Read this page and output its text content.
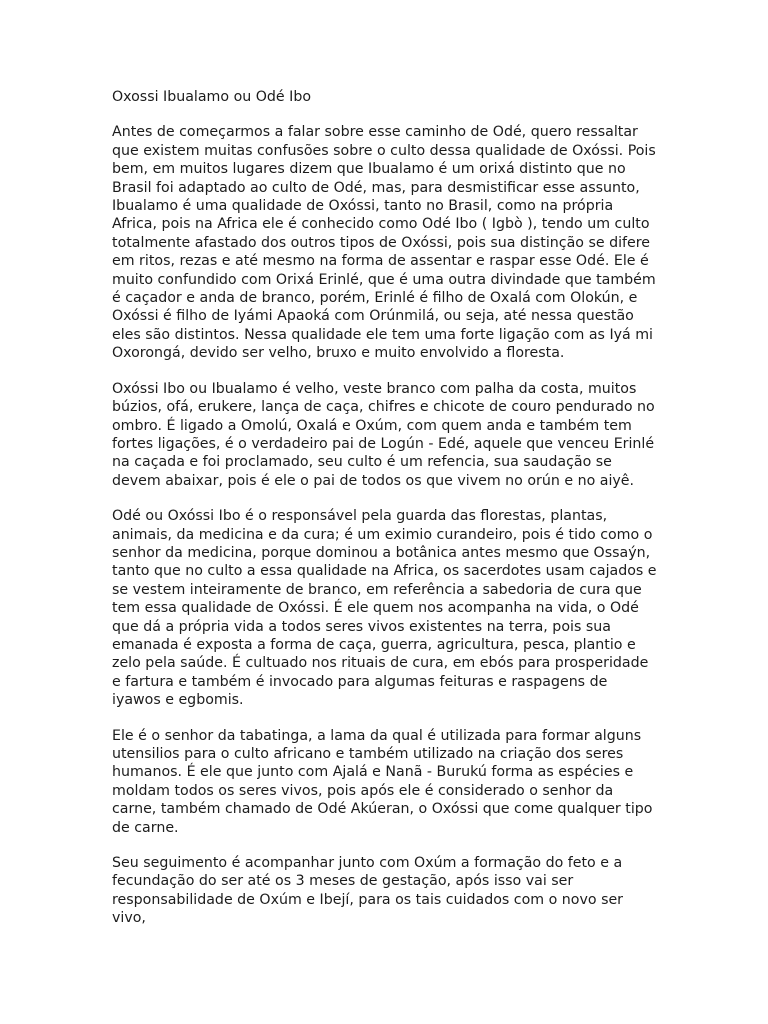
Oxossi Ibualamo ou Odé Ibo

Antes de começarmos a falar sobre esse caminho de Odé, quero ressaltar que existem muitas confusões sobre o culto dessa qualidade de Oxóssi. Pois bem, em muitos lugares dizem que Ibualamo é um orixá distinto que no Brasil foi adaptado ao culto de Odé, mas, para desmistificar esse assunto, Ibualamo é uma qualidade de Oxóssi, tanto no Brasil, como na própria Africa, pois na Africa ele é conhecido como Odé Ibo ( Igbò ), tendo um culto totalmente afastado dos outros tipos de Oxóssi, pois sua distinção se difere em ritos, rezas e até mesmo na forma de assentar e raspar esse Odé. Ele é muito confundido com Orixá Erinlé, que é uma outra divindade que também é caçador e anda de branco, porém, Erinlé é filho de Oxalá com Olokún, e Oxóssi é filho de Iyámi Apaoká com Orúnmilá, ou seja, até nessa questão eles são distintos. Nessa qualidade ele tem uma forte ligação com as Iyá mi Oxorongá, devido ser velho, bruxo e muito envolvido a floresta.

Oxóssi Ibo ou Ibualamo é velho, veste branco com palha da costa, muitos búzios, ofá, erukere, lança de caça, chifres e chicote de couro pendurado no ombro. É ligado a Omolú, Oxalá e Oxúm, com quem anda e também tem fortes ligações, é o verdadeiro pai de Logún - Edé, aquele que venceu Erinlé na caçada e foi proclamado, seu culto é um refencia, sua saudação se devem abaixar, pois é ele o pai de todos os que vivem no orún e no aiyê.

Odé ou Oxóssi Ibo é o responsável pela guarda das florestas, plantas, animais, da medicina e da cura; é um eximio curandeiro, pois é tido como o senhor da medicina, porque dominou a botânica antes mesmo que Ossaýn, tanto que no culto a essa qualidade na Africa, os sacerdotes usam cajados e se vestem inteiramente de branco, em referência a sabedoria de cura que tem essa qualidade de Oxóssi. É ele quem nos acompanha na vida, o Odé que dá a própria vida a todos seres vivos existentes na terra, pois sua emanada é exposta a forma de caça, guerra, agricultura, pesca, plantio e zelo pela saúde. É cultuado nos rituais de cura, em ebós para prosperidade e fartura e também é invocado para algumas feituras e raspagens de iyawos e egbomis.

Ele é o senhor da tabatinga, a lama da qual é utilizada para formar alguns utensilios para o culto africano e também utilizado na criação dos seres humanos. É ele que junto com Ajalá e Nanã - Burukú forma as espécies e moldam todos os seres vivos, pois após ele é considerado o senhor da carne, também chamado de Odé Akúeran, o Oxóssi que come qualquer tipo de carne.

Seu seguimento é acompanhar junto com Oxúm a formação do feto e a fecundação do ser até os 3 meses de gestação, após isso vai ser responsabilidade de Oxúm e Ibejí, para os tais cuidados com o novo ser vivo,
